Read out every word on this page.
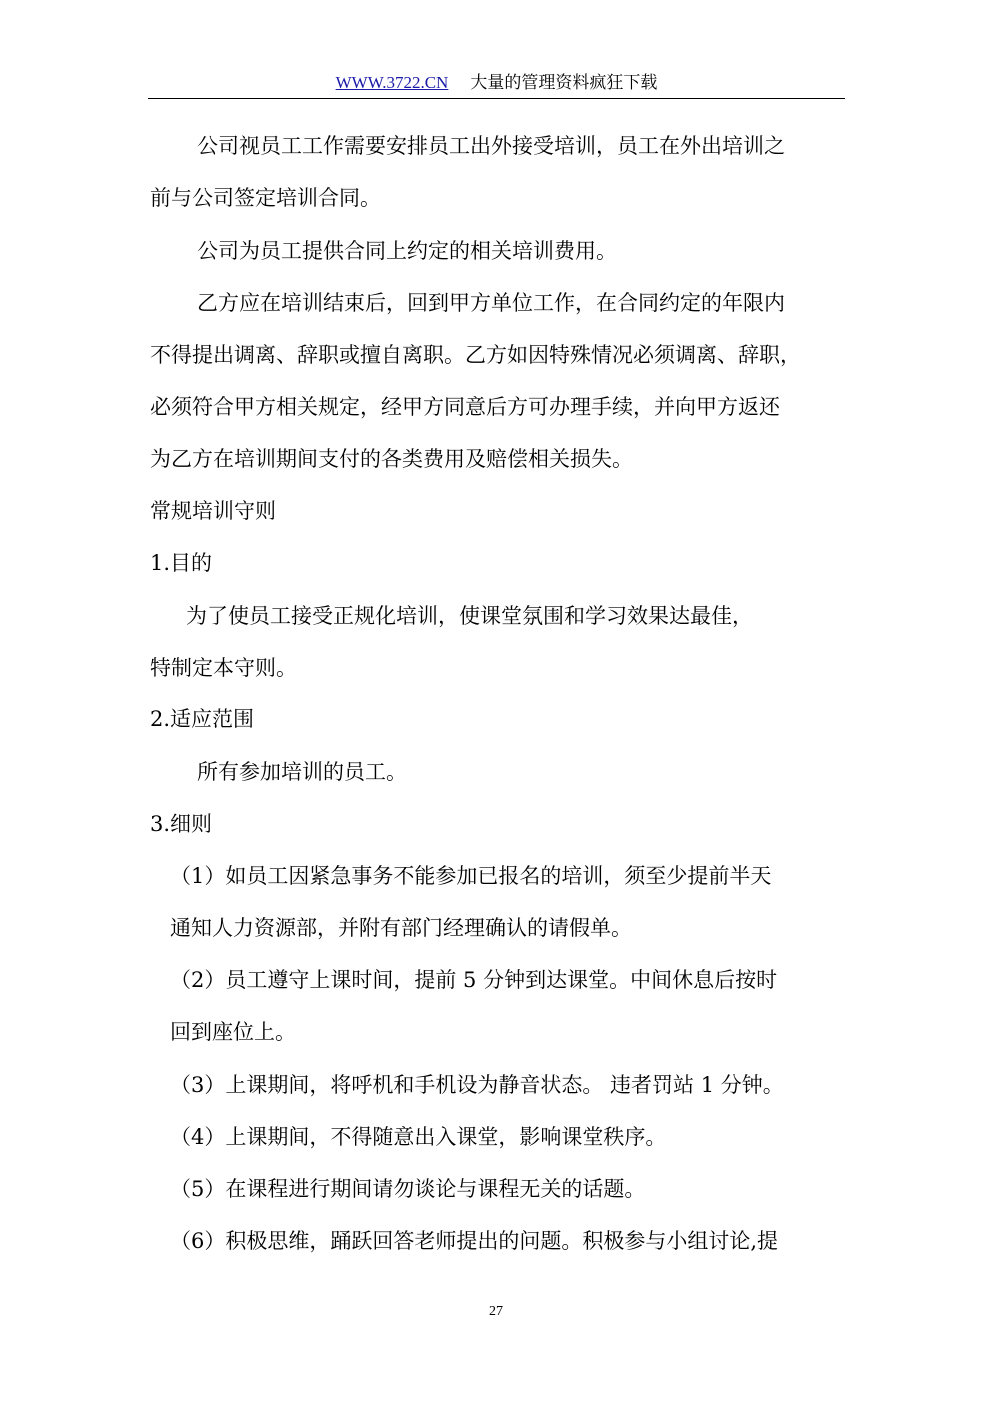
WWW.3722.CN 大量的管理资料疯狂下载
公司视员工工作需要安排员工出外接受培训，员工在外出培训之
前与公司签定培训合同。
公司为员工提供合同上约定的相关培训费用。
乙方应在培训结束后，回到甲方单位工作，在合同约定的年限内
不得提出调离、辞职或擅自离职。乙方如因特殊情况必须调离、辞职，
必须符合甲方相关规定，经甲方同意后方可办理手续，并向甲方返还
为乙方在培训期间支付的各类费用及赔偿相关损失。
常规培训守则
1.目的
为了使员工接受正规化培训，使课堂氛围和学习效果达最佳，
特制定本守则。
2.适应范围
所有参加培训的员工。
3.细则
（1）如员工因紧急事务不能参加已报名的培训，须至少提前半天
通知人力资源部，并附有部门经理确认的请假单。
（2）员工遵守上课时间，提前 5 分钟到达课堂。中间休息后按时
回到座位上。
（3）上课期间，将呼机和手机设为静音状态。 违者罚站 1 分钟。
（4）上课期间，不得随意出入课堂，影响课堂秩序。
（5）在课程进行期间请勿谈论与课程无关的话题。
（6）积极思维，踊跃回答老师提出的问题。积极参与小组讨论,提
27
